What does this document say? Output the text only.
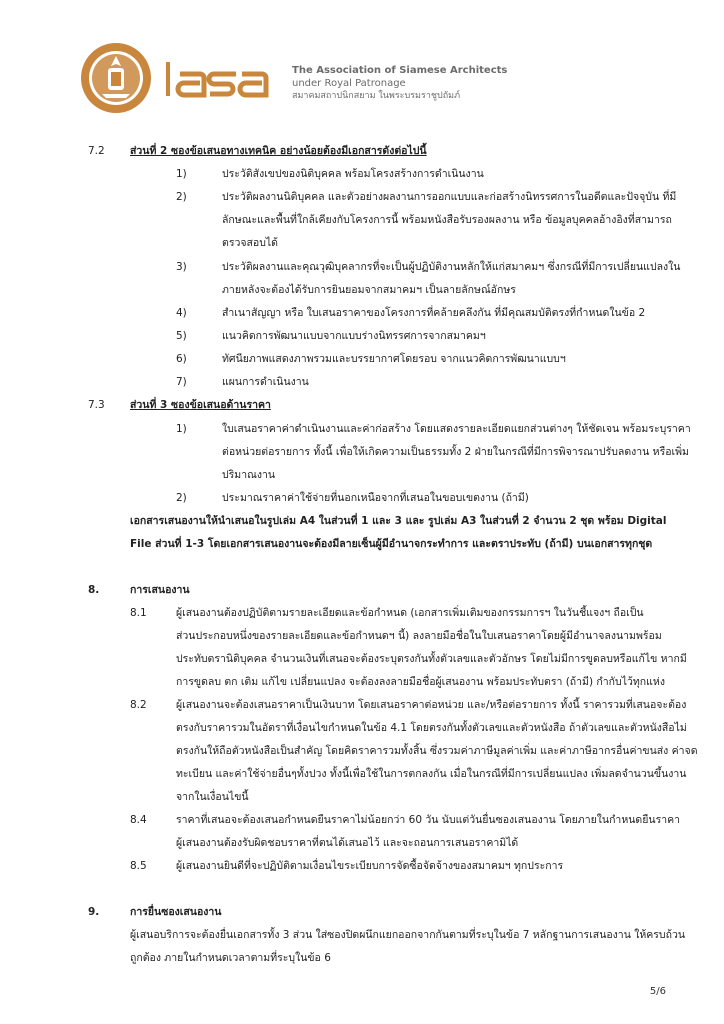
The Association of Siamese Architects
under Royal Patronage
สมาคมสถาปนิกสยาม ในพระบรมราชูปถัมภ์
7.2 ส่วนที่ 2 ซองข้อเสนอทางเทคนิค อย่างน้อยต้องมีเอกสารดังต่อไปนี้
1)	ประวัติสังเขปของนิติบุคคล พร้อมโครงสร้างการดำเนินงาน
2)	ประวัติผลงานนิติบุคคล และตัวอย่างผลงานการออกแบบและก่อสร้างนิทรรศการในอดีตและปัจจุบัน ที่มี
ลักษณะและพื้นที่ใกล้เคียงกับโครงการนี้ พร้อมหนังสือรับรองผลงาน หรือ ข้อมูลบุคคลอ้างอิงที่สามารถ
ตรวจสอบได้
3)	ประวัติผลงานและคุณวุฒิบุคลากรที่จะเป็นผู้ปฏิบัติงานหลักให้แก่สมาคมฯ ซึ่งกรณีที่มีการเปลี่ยนแปลงใน
ภายหลังจะต้องได้รับการยินยอมจากสมาคมฯ เป็นลายลักษณ์อักษร
4)	สำเนาสัญญา หรือ ใบเสนอราคาของโครงการที่คล้ายคลึงกัน ที่มีคุณสมบัติตรงที่กำหนดในข้อ 2
5)	แนวคิดการพัฒนาแบบจากแบบร่างนิทรรศการจากสมาคมฯ
6)	ทัศนียภาพแสดงภาพรวมและบรรยากาศโดยรอบ จากแนวคิดการพัฒนาแบบฯ
7)	แผนการดำเนินงาน
7.3 ส่วนที่ 3 ซองข้อเสนอด้านราคา
1)	ใบเสนอราคาค่าดำเนินงานและค่าก่อสร้าง โดยแสดงรายละเอียดแยกส่วนต่างๆ ให้ชัดเจน พร้อมระบุราคา
ต่อหน่วยต่อรายการ ทั้งนี้ เพื่อให้เกิดความเป็นธรรมทั้ง 2 ฝ่ายในกรณีที่มีการพิจารณาปรับลดงาน หรือเพิ่ม
ปริมาณงาน
2)	ประมาณราคาค่าใช้จ่ายที่นอกเหนือจากที่เสนอในขอบเขตงาน (ถ้ามี)
เอกสารเสนองานให้นำเสนอในรูปเล่ม A4 ในส่วนที่ 1 และ 3 และ รูปเล่ม A3 ในส่วนที่ 2 จำนวน 2 ชุด พร้อม Digital
File ส่วนที่ 1-3 โดยเอกสารเสนองานจะต้องมีลายเซ็นผู้มีอำนาจกระทำการ และตราประทับ (ถ้ามี) บนเอกสารทุกชุด
8.	การเสนองาน
8.1	ผู้เสนองานต้องปฏิบัติตามรายละเอียดและข้อกำหนด (เอกสารเพิ่มเติมของกรรมการฯ ในวันชี้แจงฯ ถือเป็น
ส่วนประกอบหนึ่งของรายละเอียดและข้อกำหนดฯ นี้) ลงลายมือชื่อในใบเสนอราคาโดยผู้มีอำนาจลงนามพร้อม
ประทับตรานิติบุคคล จำนวนเงินที่เสนอจะต้องระบุตรงกันทั้งตัวเลขและตัวอักษร โดยไม่มีการขูดลบหรือแก้ไข หากมี
การขูดลบ ตก เติม แก้ไข เปลี่ยนแปลง จะต้องลงลายมือชื่อผู้เสนองาน พร้อมประทับตรา (ถ้ามี) กำกับไว้ทุกแห่ง
8.2	ผู้เสนองานจะต้องเสนอราคาเป็นเงินบาท โดยเสนอราคาต่อหน่วย และ/หรือต่อรายการ ทั้งนี้ ราคารวมที่เสนอจะต้อง
ตรงกับราคารวมในอัตราที่เงื่อนไขกำหนดในข้อ 4.1 โดยตรงกันทั้งตัวเลขและตัวหนังสือ ถ้าตัวเลขและตัวหนังสือไม่
ตรงกันให้ถือตัวหนังสือเป็นสำคัญ โดยคิดราคารวมทั้งสิ้น ซึ่งรวมค่าภาษีมูลค่าเพิ่ม และค่าภาษีอากรอื่นค่าขนส่ง ค่าจด
ทะเบียน และค่าใช้จ่ายอื่นๆทั้งปวง ทั้งนี้เพื่อใช้ในการตกลงกัน เมื่อในกรณีที่มีการเปลี่ยนแปลง เพิ่มลดจำนวนขึ้นงาน
จากในเงื่อนไขนี้
8.4	ราคาที่เสนอจะต้องเสนอกำหนดยืนราคาไม่น้อยกว่า 60 วัน นับแต่วันยื่นซองเสนองาน โดยภายในกำหนดยืนราคา
ผู้เสนองานต้องรับผิดชอบราคาที่ตนได้เสนอไว้ และจะถอนการเสนอราคามิได้
8.5	ผู้เสนองานยินดีที่จะปฏิบัติตามเงื่อนไขระเบียบการจัดซื้อจัดจ้างของสมาคมฯ ทุกประการ
9.	การยื่นซองเสนองาน
ผู้เสนอบริการจะต้องยื่นเอกสารทั้ง 3 ส่วน ใส่ซองปิดผนึกแยกออกจากกันตามที่ระบุในข้อ 7 หลักฐานการเสนองาน ให้ครบถ้วน
ถูกต้อง ภายในกำหนดเวลาตามที่ระบุในข้อ 6
5/6
